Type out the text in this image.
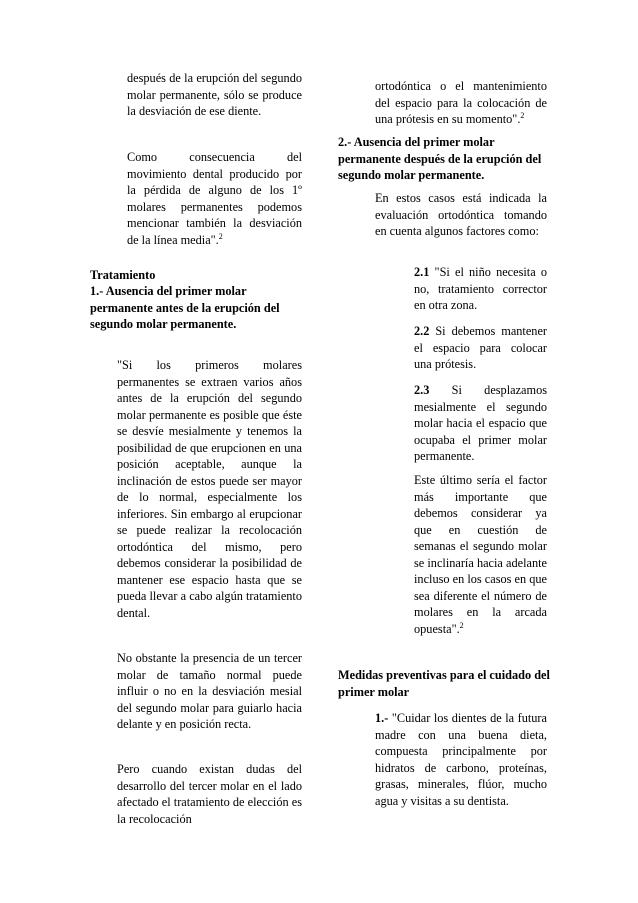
después de la erupción del segundo molar permanente, sólo se produce la desviación de ese diente.

Como consecuencia del movimiento dental producido por la pérdida de alguno de los 1º molares permanentes podemos mencionar también la desviación de la línea media".$^2$

Tratamiento

1.- Ausencia del primer molar permanente antes de la erupción del segundo molar permanente.

"Si los primeros molares permanentes se extraen varios años antes de la erupción del segundo molar permanente es posible que éste se desvíe mesialmente y tenemos la posibilidad de que erupcionen en una posición aceptable, aunque la inclinación de estos puede ser mayor de lo normal, especialmente los inferiores. Sin embargo al erupcionar se puede realizar la recolocación ortodóntica del mismo, pero debemos considerar la posibilidad de mantener ese espacio hasta que se pueda llevar a cabo algún tratamiento dental.

No obstante la presencia de un tercer molar de tamaño normal puede influir o no en la desviación mesial del segundo molar para guiarlo hacia delante y en posición recta.

Pero cuando existan dudas del desarrollo del tercer molar en el lado afectado el tratamiento de elección es la recolocación

ortodóntica o el mantenimiento del espacio para la colocación de una prótesis en su momento".$^2$

2.- Ausencia del primer molar permanente después de la erupción del segundo molar permanente.

En estos casos está indicada la evaluación ortodóntica tomando en cuenta algunos factores como:

2.1 "Si el niño necesita o no, tratamiento corrector en otra zona.

2.2 Si debemos mantener el espacio para colocar una prótesis.

2.3 Si desplazamos mesialmente el segundo molar hacia el espacio que ocupaba el primer molar permanente.

Este último sería el factor más importante que debemos considerar ya que en cuestión de semanas el segundo molar se inclinaría hacia adelante incluso en los casos en que sea diferente el número de molares en la arcada opuesta".$^2$

Medidas preventivas para el cuidado del primer molar

1.- "Cuidar los dientes de la futura madre con una buena dieta, compuesta principalmente por hidratos de carbono, proteínas, grasas, minerales, flúor, mucho agua y visitas a su dentista.
